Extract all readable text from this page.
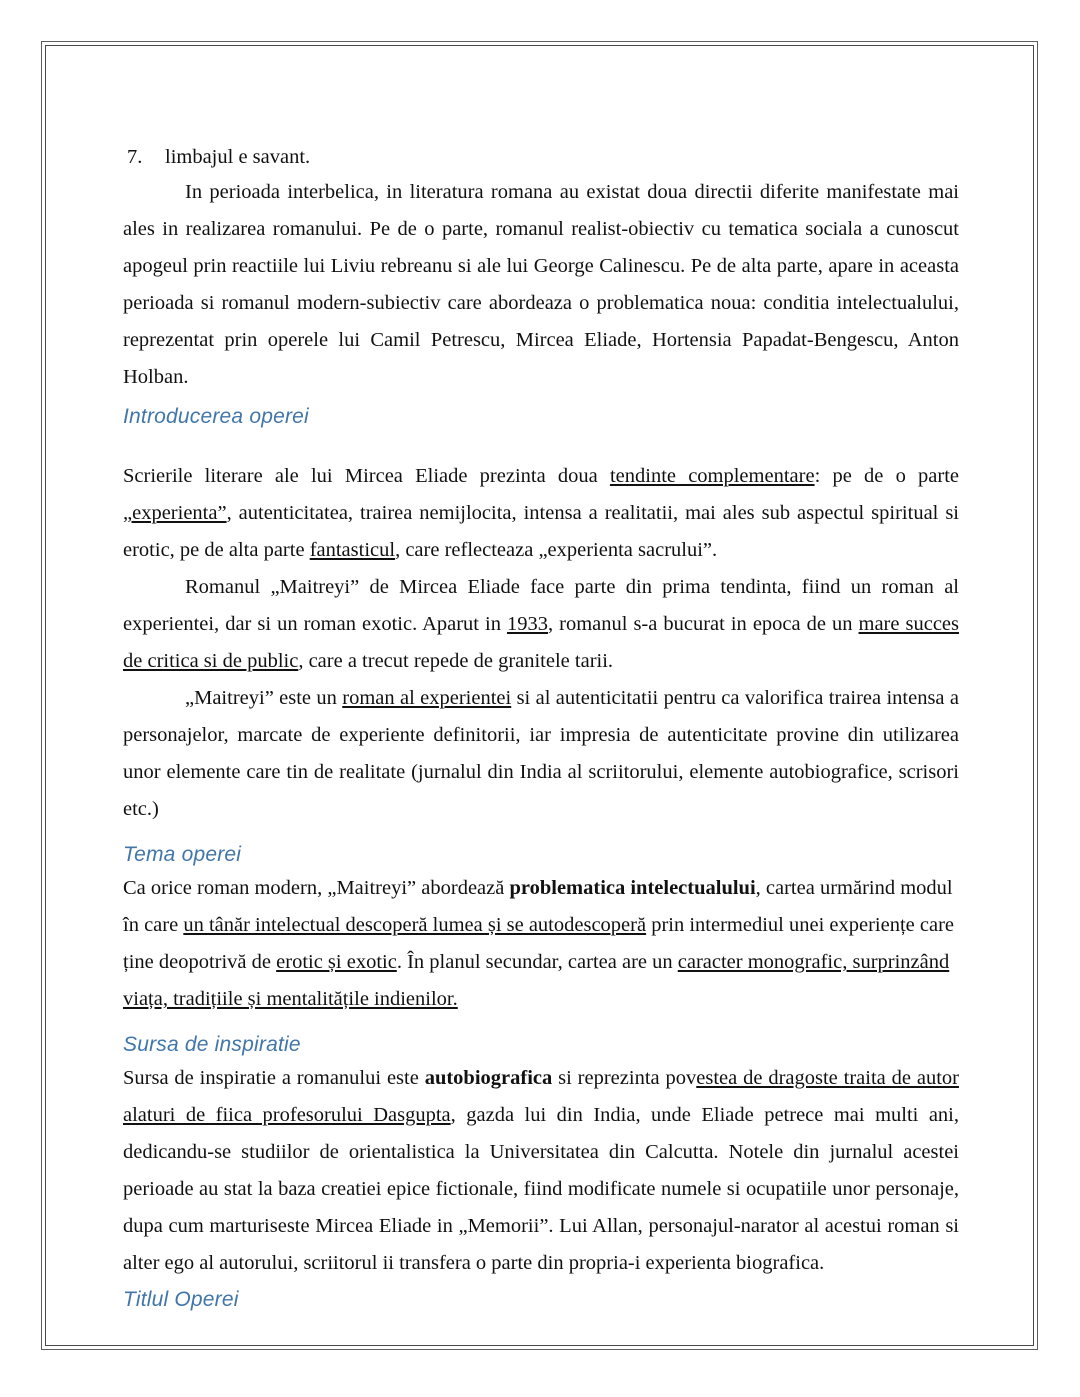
7.	limbajul e savant.

In perioada interbelica, in literatura romana au existat doua directii diferite manifestate mai ales in realizarea romanului. Pe de o parte, romanul realist-obiectiv cu tematica sociala a cunoscut apogeul prin reactiile lui Liviu rebreanu si ale lui George Calinescu. Pe de alta parte, apare in aceasta perioada si romanul modern-subiectiv care abordeaza o problematica noua: conditia intelectualului, reprezentat prin operele lui Camil Petrescu, Mircea Eliade, Hortensia Papadat-Bengescu, Anton Holban.

Introducerea operei

Scrierile literare ale lui Mircea Eliade prezinta doua tendinte complementare: pe de o parte „experienta”, autenticitatea, trairea nemijlocita, intensa a realitatii, mai ales sub aspectul spiritual si erotic, pe de alta parte fantasticul, care reflecteaza „experienta sacrului”.

Romanul „Maitreyi” de Mircea Eliade face parte din prima tendinta, fiind un roman al experientei, dar si un roman exotic. Aparut in 1933, romanul s-a bucurat in epoca de un mare succes de critica si de public, care a trecut repede de granitele tarii.

„Maitreyi” este un roman al experientei si al autenticitatii pentru ca valorifica trairea intensa a personajelor, marcate de experiente definitorii, iar impresia de autenticitate provine din utilizarea unor elemente care tin de realitate (jurnalul din India al scriitorului, elemente autobiografice, scrisori etc.)

Tema operei

Ca orice roman modern, „Maitreyi” abordează problematica intelectualului, cartea urmărind modul în care un tânăr intelectual descoperă lumea și se autodescoperă prin intermediul unei experiențe care ține deopotrivă de erotic și exotic. În planul secundar, cartea are un caracter monografic, surprinzând viața, tradițiile și mentalitățile indienilor.

Sursa de inspiratie

Sursa de inspiratie a romanului este autobiografica si reprezinta povestea de dragoste traita de autor alaturi de fiica profesorului Dasgupta, gazda lui din India, unde Eliade petrece mai multi ani, dedicandu-se studiilor de orientalistica la Universitatea din Calcutta. Notele din jurnalul acestei perioade au stat la baza creatiei epice fictionale, fiind modificate numele si ocupatiile unor personaje, dupa cum marturiseste Mircea Eliade in „Memorii”. Lui Allan, personajul-narator al acestui roman si alter ego al autorului, scriitorul ii transfera o parte din propria-i experienta biografica.

Titlul Operei
